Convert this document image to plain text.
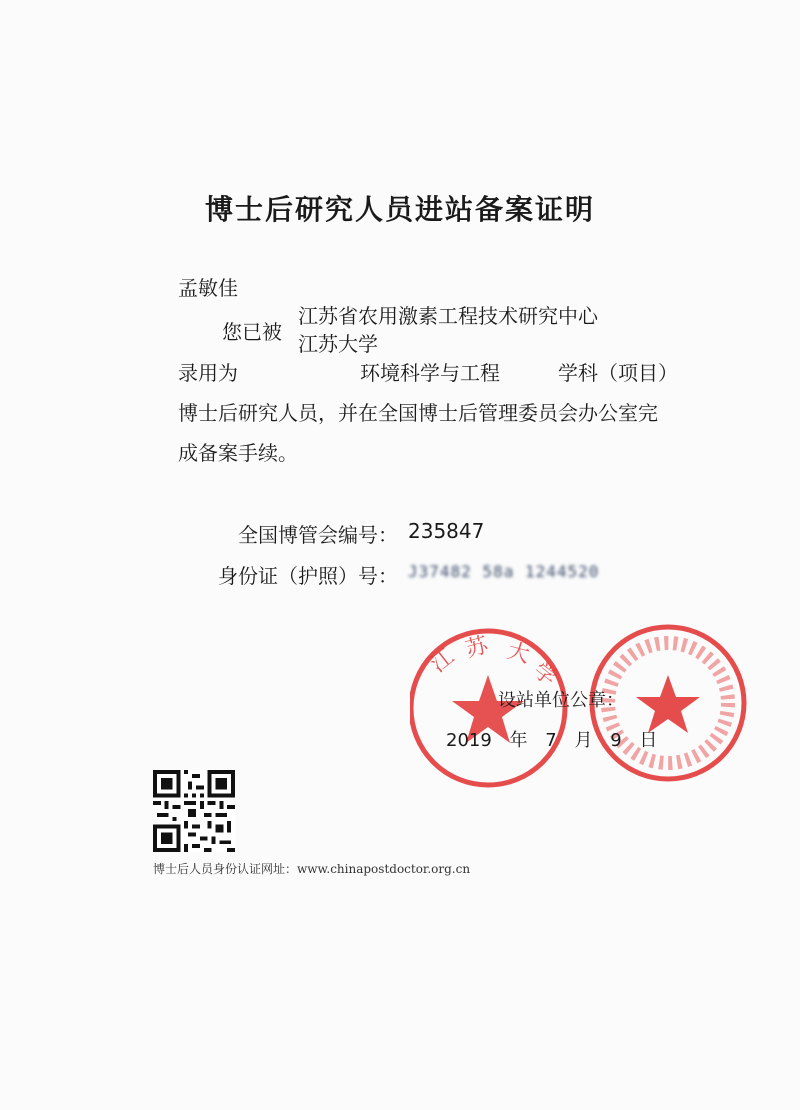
博士后研究人员进站备案证明
孟敏佳
您已被
江苏省农用激素工程技术研究中心
江苏大学
录用为	环境科学与工程	学科（项目）
博士后研究人员，并在全国博士后管理委员会办公室完
成备案手续。
全国博管会编号： 235847
身份证（护照）号： J37482 58a 1244520
江 苏 大
学
设站单位公章：
2019 年 7 月 9 日
博士后人员身份认证网址：www.chinapostdoctor.org.cn
